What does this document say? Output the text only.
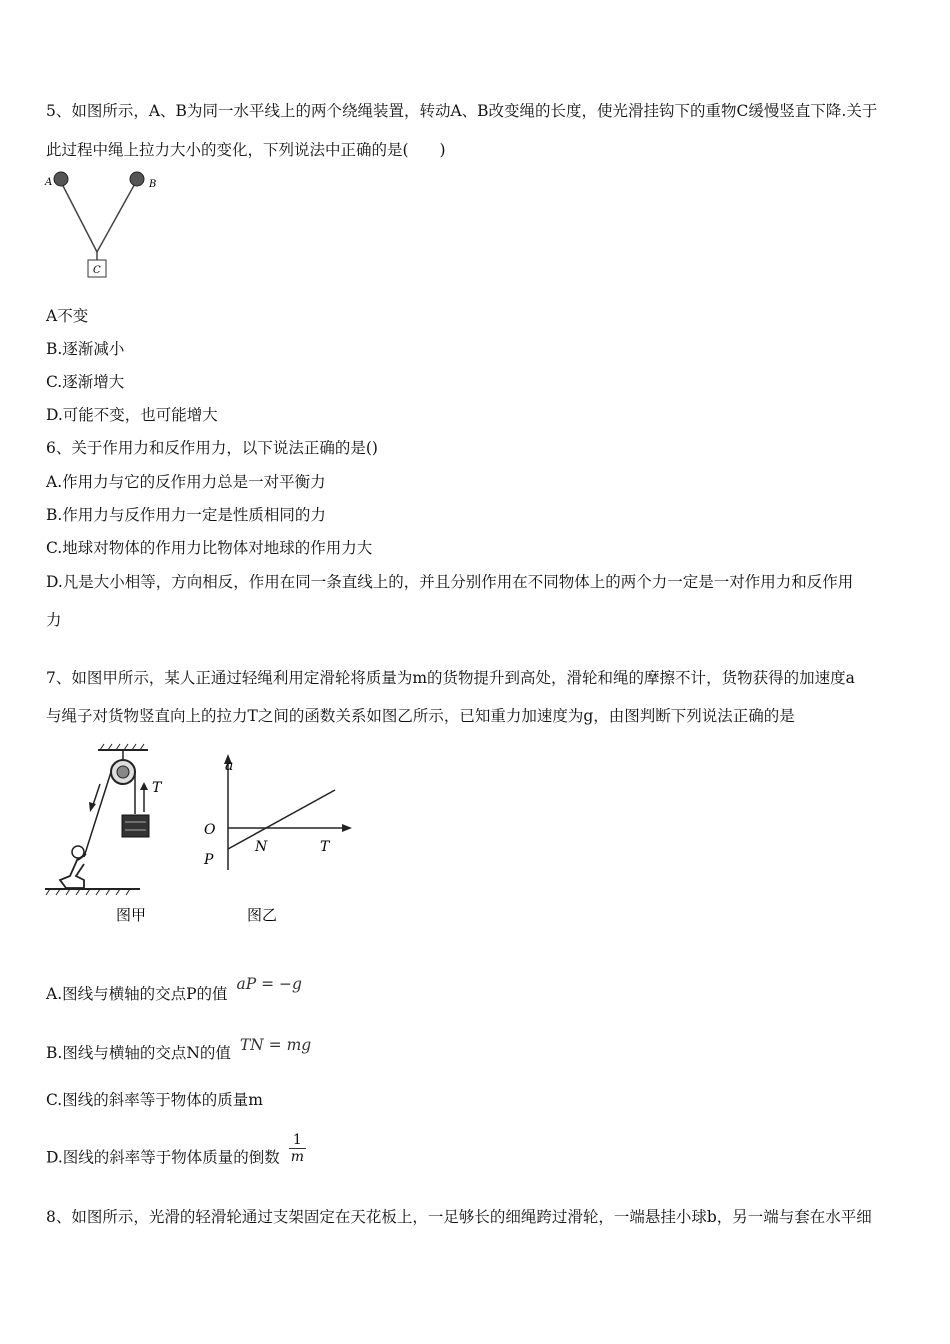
5、如图所示，A、B为同一水平线上的两个绕绳装置，转动A、B改变绳的长度，使光滑挂钩下的重物C缓慢竖直下降.关于
此过程中绳上拉力大小的变化，下列说法中正确的是(　　)
A	B
C
A不变
B.逐渐减小
C.逐渐增大
D.可能不变，也可能增大
6、关于作用力和反作用力，以下说法正确的是()
A.作用力与它的反作用力总是一对平衡力
B.作用力与反作用力一定是性质相同的力
C.地球对物体的作用力比物体对地球的作用力大
D.凡是大小相等，方向相反，作用在同一条直线上的，并且分别作用在不同物体上的两个力一定是一对作用力和反作用
力
7、如图甲所示，某人正通过轻绳利用定滑轮将质量为m的货物提升到高处，滑轮和绳的摩擦不计，货物获得的加速度a
与绳子对货物竖直向上的拉力T之间的函数关系如图乙所示，已知重力加速度为g，由图判断下列说法正确的是
T
图甲
a
O
P
N	T
图乙
A.图线与横轴的交点P的值 aP = −g
B.图线与横轴的交点N的值 TN = mg
C.图线的斜率等于物体的质量m
D.图线的斜率等于物体质量的倒数 $\frac{1}{m}$
8、如图所示，光滑的轻滑轮通过支架固定在天花板上，一足够长的细绳跨过滑轮，一端悬挂小球b，另一端与套在水平细
